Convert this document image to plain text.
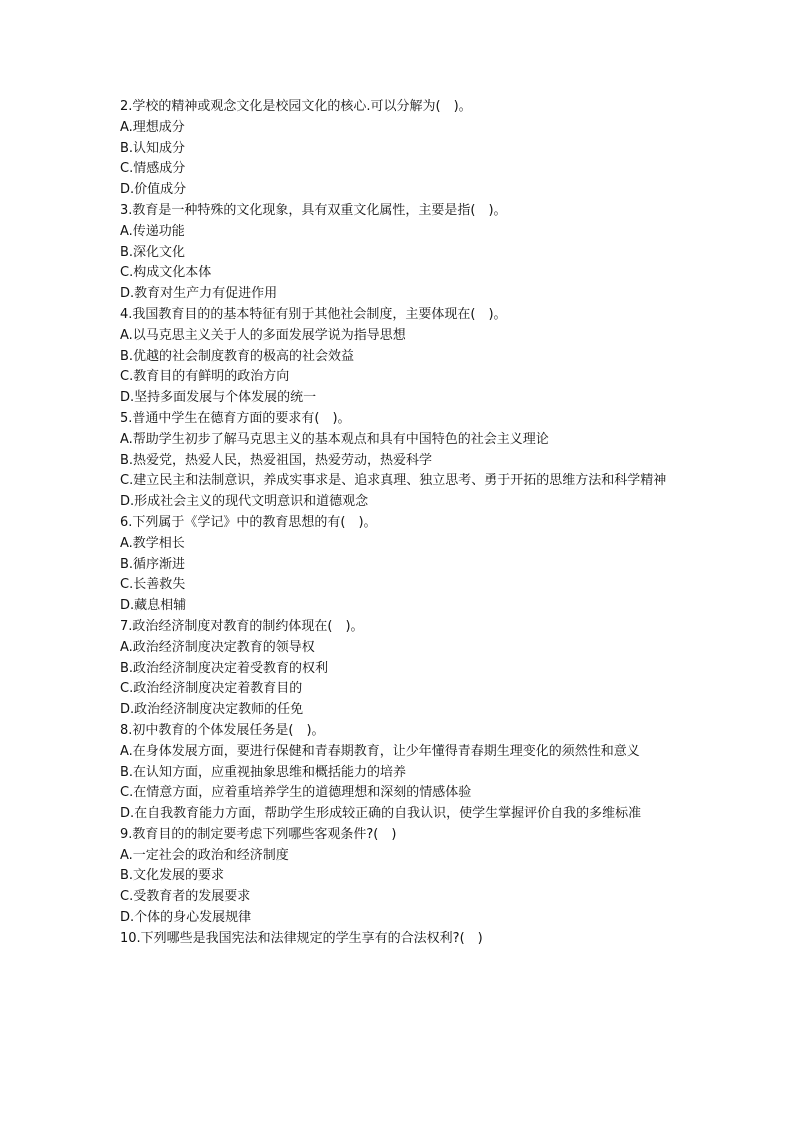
2.学校的精神或观念文化是校园文化的核心.可以分解为(　)。

A.理想成分

B.认知成分

C.情感成分

D.价值成分

3.教育是一种特殊的文化现象，具有双重文化属性，主要是指(　)。

A.传递功能

B.深化文化

C.构成文化本体

D.教育对生产力有促进作用

4.我国教育目的的基本特征有别于其他社会制度，主要体现在(　)。

A.以马克思主义关于人的多面发展学说为指导思想

B.优越的社会制度教育的极高的社会效益

C.教育目的有鲜明的政治方向

D.坚持多面发展与个体发展的统一

5.普通中学生在德育方面的要求有(　)。

A.帮助学生初步了解马克思主义的基本观点和具有中国特色的社会主义理论

B.热爱党，热爱人民，热爱祖国，热爱劳动，热爱科学

C.建立民主和法制意识，养成实事求是、追求真理、独立思考、勇于开拓的思维方法和科学精神

D.形成社会主义的现代文明意识和道德观念

6.下列属于《学记》中的教育思想的有(　)。

A.教学相长

B.循序渐进

C.长善救失

D.藏息相辅

7.政治经济制度对教育的制约体现在(　)。

A.政治经济制度决定教育的领导权

B.政治经济制度决定着受教育的权利

C.政治经济制度决定着教育目的

D.政治经济制度决定教师的任免

8.初中教育的个体发展任务是(　)。

A.在身体发展方面，要进行保健和青春期教育，让少年懂得青春期生理变化的须然性和意义

B.在认知方面，应重视抽象思维和概括能力的培养

C.在情意方面，应着重培养学生的道德理想和深刻的情感体验

D.在自我教育能力方面，帮助学生形成较正确的自我认识，使学生掌握评价自我的多维标准

9.教育目的的制定要考虑下列哪些客观条件?(　)

A.一定社会的政治和经济制度

B.文化发展的要求

C.受教育者的发展要求

D.个体的身心发展规律

10.下列哪些是我国宪法和法律规定的学生享有的合法权利?(　)
